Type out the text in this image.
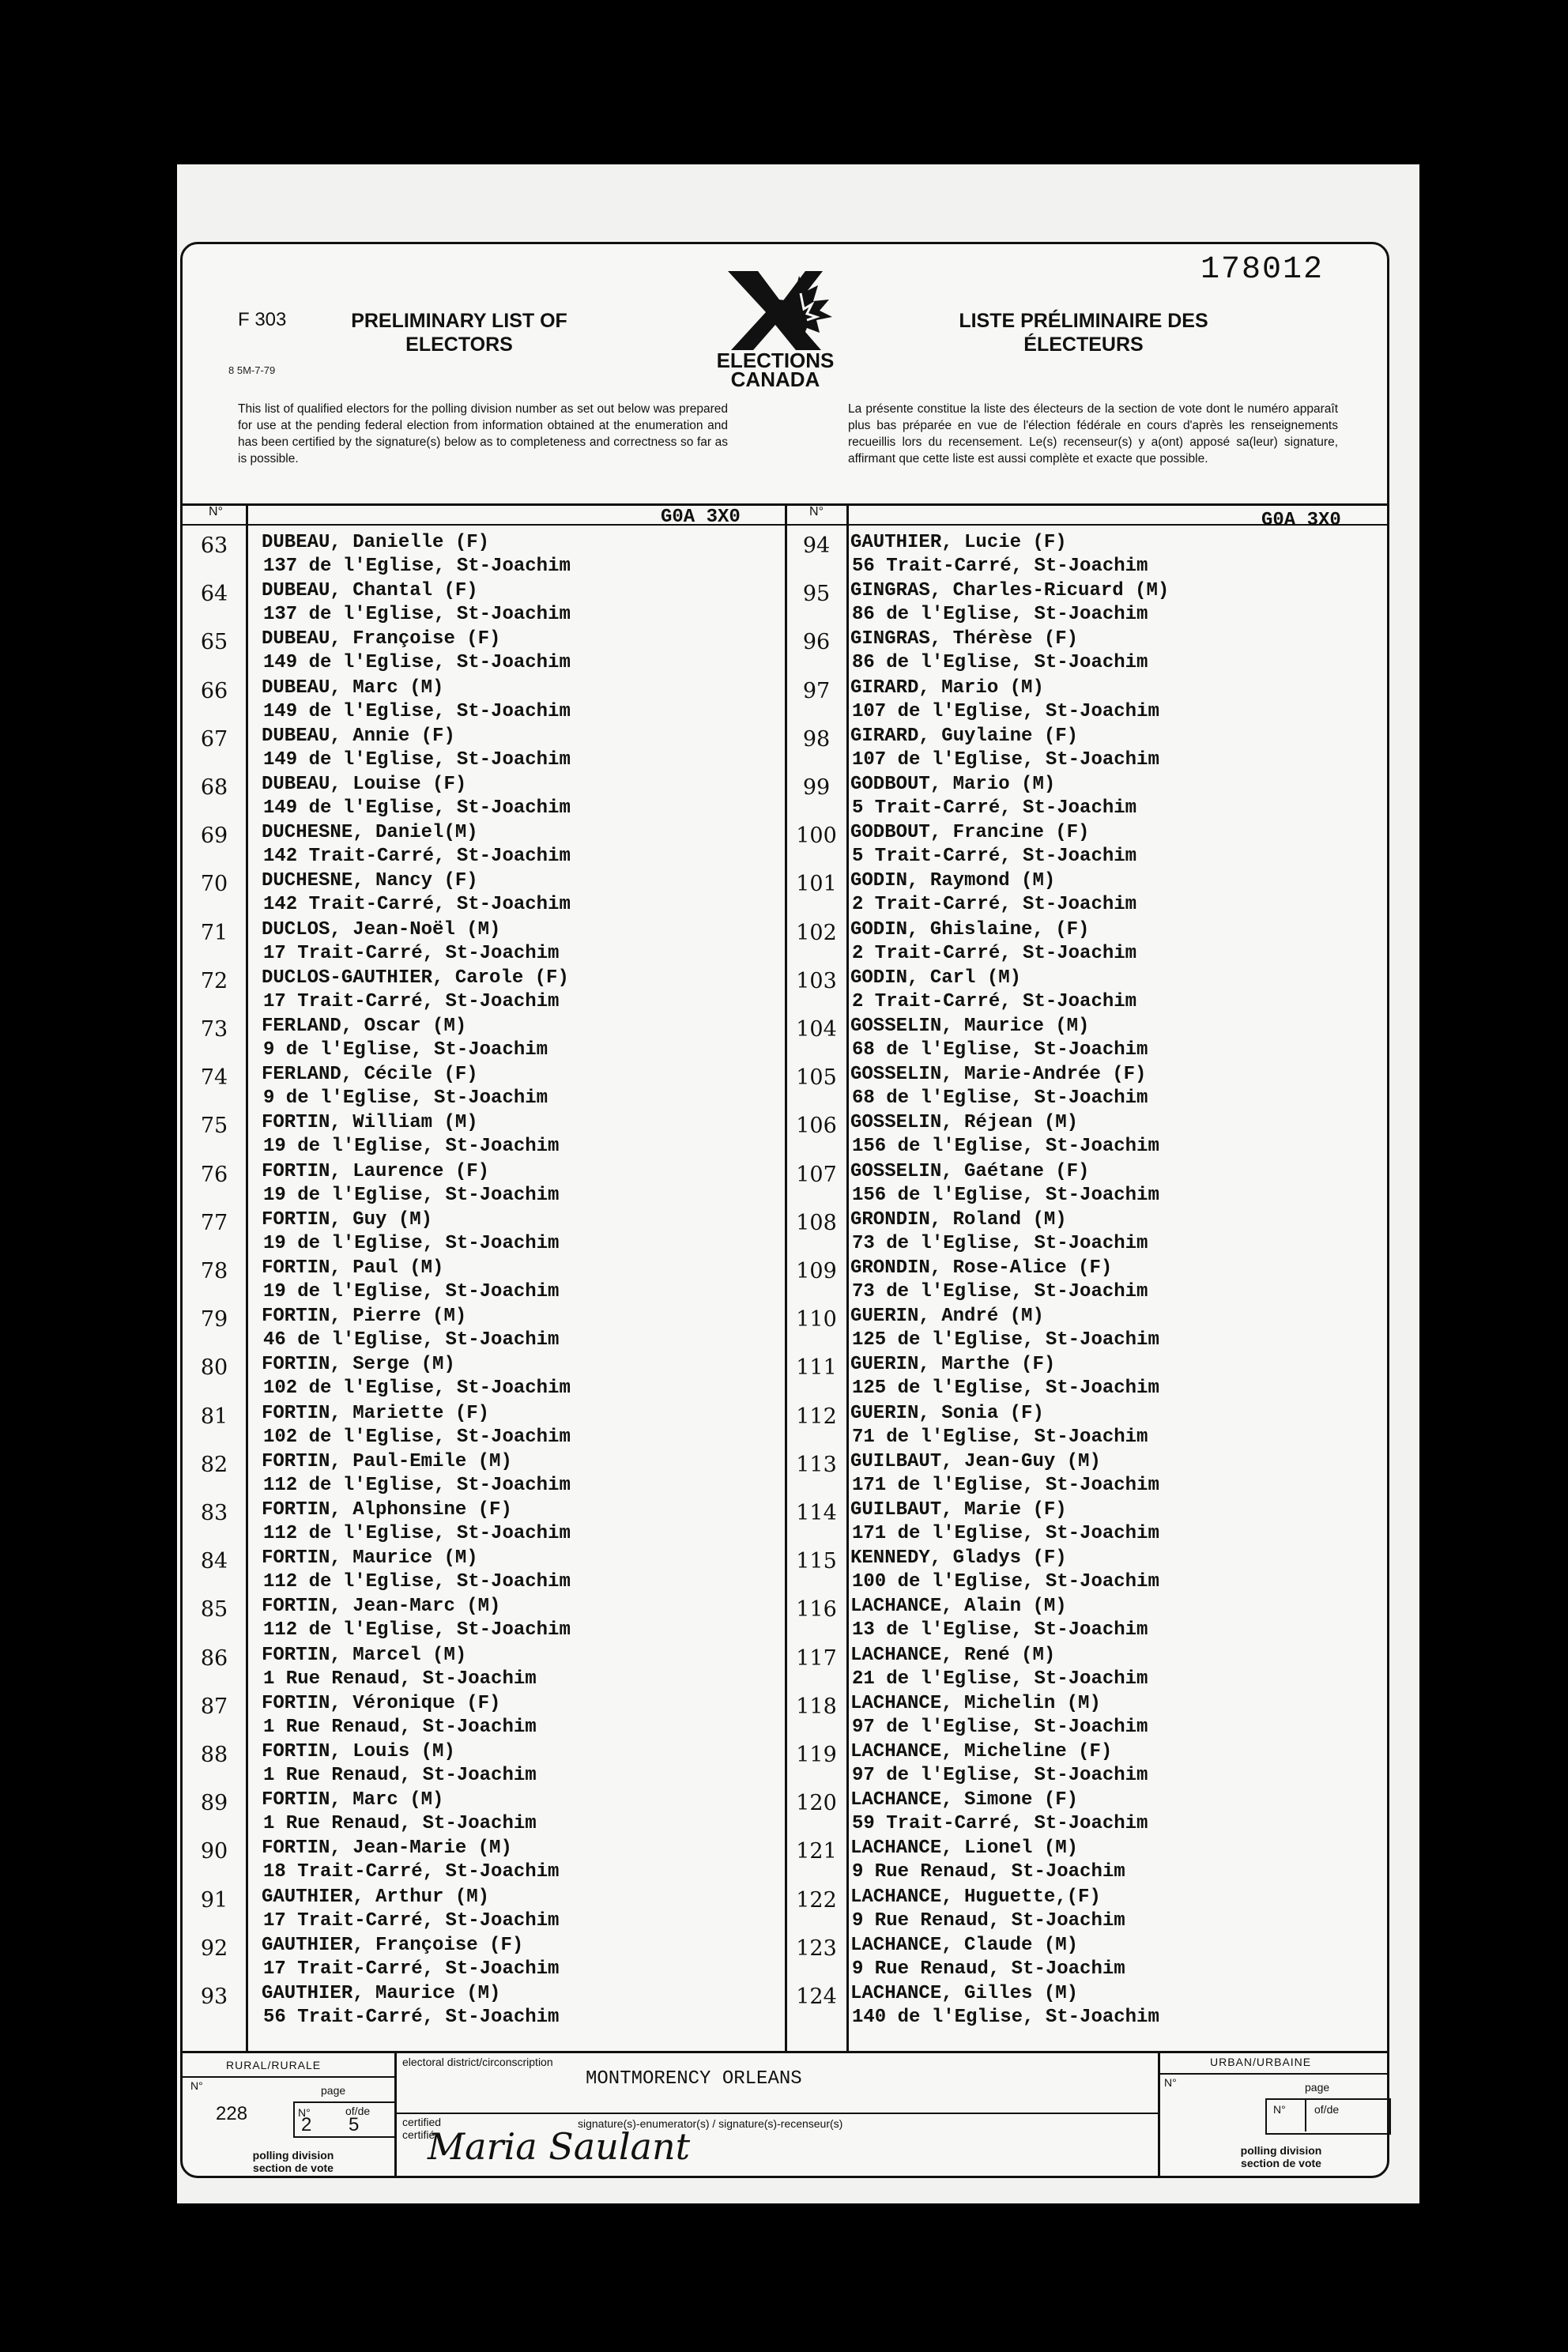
178012
F 303
8 5M-7-79
PRELIMINARY LIST OF
ELECTORS
ELECTIONS
CANADA
LISTE PRÉLIMINAIRE DES
ÉLECTEURS
This list of qualified electors for the polling division number as set out below was prepared for use at the pending federal election from information obtained at the enumeration and has been certified by the signature(s) below as to completeness and correctness so far as is possible.
La présente constitue la liste des électeurs de la section de vote dont le numéro apparaît plus bas préparée en vue de l'élection fédérale en cours d'après les renseignements recueillis lors du recensement. Le(s) recenseur(s) y a(ont) apposé sa(leur) signature, affirmant que cette liste est aussi complète et exacte que possible.
N°	N°
G0A 3X0	G0A 3X0
63	DUBEAU, Danielle (F)
137 de l'Eglise, St-Joachim
64	DUBEAU, Chantal (F)
137 de l'Eglise, St-Joachim
65	DUBEAU, Françoise (F)
149 de l'Eglise, St-Joachim
66	DUBEAU, Marc (M)
149 de l'Eglise, St-Joachim
67	DUBEAU, Annie (F)
149 de l'Eglise, St-Joachim
68	DUBEAU, Louise (F)
149 de l'Eglise, St-Joachim
69	DUCHESNE, Daniel(M)
142 Trait-Carré, St-Joachim
70	DUCHESNE, Nancy (F)
142 Trait-Carré, St-Joachim
71	DUCLOS, Jean-Noël (M)
17 Trait-Carré, St-Joachim
72	DUCLOS-GAUTHIER, Carole (F)
17 Trait-Carré, St-Joachim
73	FERLAND, Oscar (M)
9 de l'Eglise, St-Joachim
74	FERLAND, Cécile (F)
9 de l'Eglise, St-Joachim
75	FORTIN, William (M)
19 de l'Eglise, St-Joachim
76	FORTIN, Laurence (F)
19 de l'Eglise, St-Joachim
77	FORTIN, Guy (M)
19 de l'Eglise, St-Joachim
78	FORTIN, Paul (M)
19 de l'Eglise, St-Joachim
79	FORTIN, Pierre (M)
46 de l'Eglise, St-Joachim
80	FORTIN, Serge (M)
102 de l'Eglise, St-Joachim
81	FORTIN, Mariette (F)
102 de l'Eglise, St-Joachim
82	FORTIN, Paul-Emile (M)
112 de l'Eglise, St-Joachim
83	FORTIN, Alphonsine (F)
112 de l'Eglise, St-Joachim
84	FORTIN, Maurice (M)
112 de l'Eglise, St-Joachim
85	FORTIN, Jean-Marc (M)
112 de l'Eglise, St-Joachim
86	FORTIN, Marcel (M)
1 Rue Renaud, St-Joachim
87	FORTIN, Véronique (F)
1 Rue Renaud, St-Joachim
88	FORTIN, Louis (M)
1 Rue Renaud, St-Joachim
89	FORTIN, Marc (M)
1 Rue Renaud, St-Joachim
90	FORTIN, Jean-Marie (M)
18 Trait-Carré, St-Joachim
91	GAUTHIER, Arthur (M)
17 Trait-Carré, St-Joachim
92	GAUTHIER, Françoise (F)
17 Trait-Carré, St-Joachim
93	GAUTHIER, Maurice (M)
56 Trait-Carré, St-Joachim
94	GAUTHIER, Lucie (F)
56 Trait-Carré, St-Joachim
95	GINGRAS, Charles-Ricuard (M)
86 de l'Eglise, St-Joachim
96	GINGRAS, Thérèse (F)
86 de l'Eglise, St-Joachim
97	GIRARD, Mario (M)
107 de l'Eglise, St-Joachim
98	GIRARD, Guylaine (F)
107 de l'Eglise, St-Joachim
99	GODBOUT, Mario (M)
5 Trait-Carré, St-Joachim
100 GODBOUT, Francine (F)
5 Trait-Carré, St-Joachim
101 GODIN, Raymond (M)
2 Trait-Carré, St-Joachim
102 GODIN, Ghislaine, (F)
2 Trait-Carré, St-Joachim
103 GODIN, Carl (M)
2 Trait-Carré, St-Joachim
104 GOSSELIN, Maurice (M)
68 de l'Eglise, St-Joachim
105 GOSSELIN, Marie-Andrée (F)
68 de l'Eglise, St-Joachim
106 GOSSELIN, Réjean (M)
156 de l'Eglise, St-Joachim
107 GOSSELIN, Gaétane (F)
156 de l'Eglise, St-Joachim
108 GRONDIN, Roland (M)
73 de l'Eglise, St-Joachim
109 GRONDIN, Rose-Alice (F)
73 de l'Eglise, St-Joachim
110 GUERIN, André (M)
125 de l'Eglise, St-Joachim
111 GUERIN, Marthe (F)
125 de l'Eglise, St-Joachim
112 GUERIN, Sonia (F)
71 de l'Eglise, St-Joachim
113 GUILBAUT, Jean-Guy (M)
171 de l'Eglise, St-Joachim
114 GUILBAUT, Marie (F)
171 de l'Eglise, St-Joachim
115 KENNEDY, Gladys (F)
100 de l'Eglise, St-Joachim
116 LACHANCE, Alain (M)
13 de l'Eglise, St-Joachim
117 LACHANCE, René (M)
21 de l'Eglise, St-Joachim
118 LACHANCE, Michelin (M)
97 de l'Eglise, St-Joachim
119 LACHANCE, Micheline (F)
97 de l'Eglise, St-Joachim
120 LACHANCE, Simone (F)
59 Trait-Carré, St-Joachim
121 LACHANCE, Lionel (M)
9 Rue Renaud, St-Joachim
122 LACHANCE, Huguette,(F)
9 Rue Renaud, St-Joachim
123 LACHANCE, Claude (M)
9 Rue Renaud, St-Joachim
124 LACHANCE, Gilles (M)
140 de l'Eglise, St-Joachim
RURAL/RURALE
N°	page
228	N°
2
of/de
5
polling division
section de vote
electoral district/circonscription
MONTMORENCY ORLEANS
certified
certifié
signature(s)-enumerator(s) / signature(s)-recenseur(s)
Maria Saulant
URBAN/URBAINE
N°	page
N°	of/de
polling division
section de vote
